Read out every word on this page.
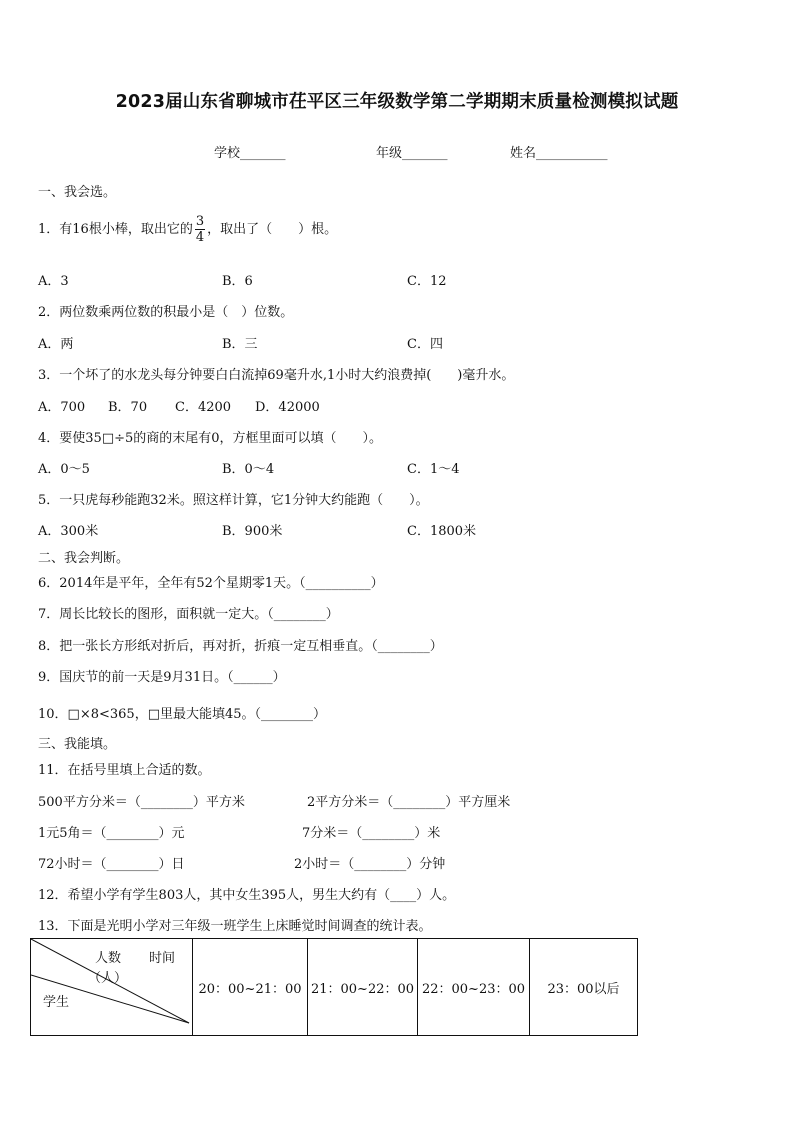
2023届山东省聊城市茌平区三年级数学第二学期期末质量检测模拟试题
学校_______	年级_______	姓名___________
一、我会选。
1．有16根小棒，取出它的 $\frac{3}{4}$ ，取出了（　　）根。
A．3	B．6	C．12
2．两位数乘两位数的积最小是（　）位数。
A．两	B．三	C．四
3．一个坏了的水龙头每分钟要白白流掉69毫升水,1小时大约浪费掉(　　)毫升水。
A．700 B．70 C．4200 D．42000
4．要使35□÷5的商的末尾有0，方框里面可以填（　　）。
A．0～5	B．0～4	C．1～4
5．一只虎每秒能跑32米。照这样计算，它1分钟大约能跑（　　）。
A．300米	B．900米	C．1800米
二、我会判断。
6．2014年是平年，全年有52个星期零1天。（__________）
7．周长比较长的图形，面积就一定大。（________）
8．把一张长方形纸对折后，再对折，折痕一定互相垂直。（________）
9．国庆节的前一天是9月31日。（______）
10．□×8<365，□里最大能填45。（________）
三、我能填。
11．在括号里填上合适的数。
500平方分米＝（________）平方米	2平方分米＝（________）平方厘米
1元5角＝（________）元	7分米＝（________）米
72小时＝（________）日	2小时＝（________）分钟
12．希望小学有学生803人，其中女生395人，男生大约有（____）人。
13．下面是光明小学对三年级一班学生上床睡觉时间调查的统计表。
人数
（人）
时间
学生
	20：00~21：00	21：00~22：00	22：00~23：00	23：00以后
